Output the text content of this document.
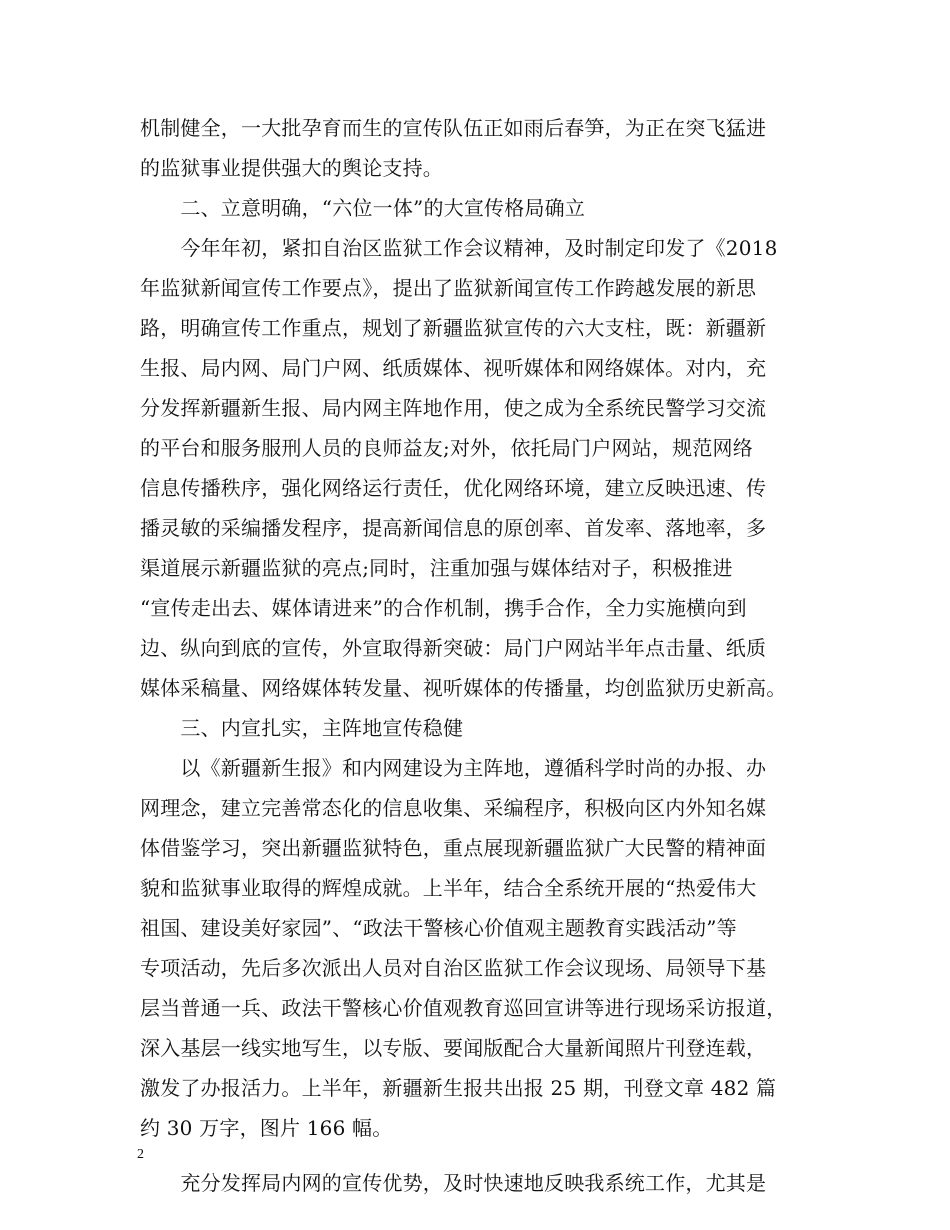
机制健全，一大批孕育而生的宣传队伍正如雨后春笋，为正在突飞猛进
的监狱事业提供强大的舆论支持。
　　二、立意明确，“六位一体”的大宣传格局确立
　　今年年初，紧扣自治区监狱工作会议精神，及时制定印发了《2018
年监狱新闻宣传工作要点》，提出了监狱新闻宣传工作跨越发展的新思
路，明确宣传工作重点，规划了新疆监狱宣传的六大支柱，既：新疆新
生报、局内网、局门户网、纸质媒体、视听媒体和网络媒体。对内，充
分发挥新疆新生报、局内网主阵地作用，使之成为全系统民警学习交流
的平台和服务服刑人员的良师益友;对外，依托局门户网站，规范网络
信息传播秩序，强化网络运行责任，优化网络环境，建立反映迅速、传
播灵敏的采编播发程序，提高新闻信息的原创率、首发率、落地率，多
渠道展示新疆监狱的亮点;同时，注重加强与媒体结对子，积极推进
“宣传走出去、媒体请进来”的合作机制，携手合作，全力实施横向到
边、纵向到底的宣传，外宣取得新突破：局门户网站半年点击量、纸质
媒体采稿量、网络媒体转发量、视听媒体的传播量，均创监狱历史新高。
　　三、内宣扎实，主阵地宣传稳健
　　以《新疆新生报》和内网建设为主阵地，遵循科学时尚的办报、办
网理念，建立完善常态化的信息收集、采编程序，积极向区内外知名媒
体借鉴学习，突出新疆监狱特色，重点展现新疆监狱广大民警的精神面
貌和监狱事业取得的辉煌成就。上半年，结合全系统开展的“热爱伟大
祖国、建设美好家园”、“政法干警核心价值观主题教育实践活动”等
专项活动，先后多次派出人员对自治区监狱工作会议现场、局领导下基
层当普通一兵、政法干警核心价值观教育巡回宣讲等进行现场采访报道，
深入基层一线实地写生，以专版、要闻版配合大量新闻照片刊登连载，
激发了办报活力。上半年，新疆新生报共出报 25 期，刊登文章 482 篇
约 30 万字，图片 166 幅。
　　充分发挥局内网的宣传优势，及时快速地反映我系统工作，尤其是
2
